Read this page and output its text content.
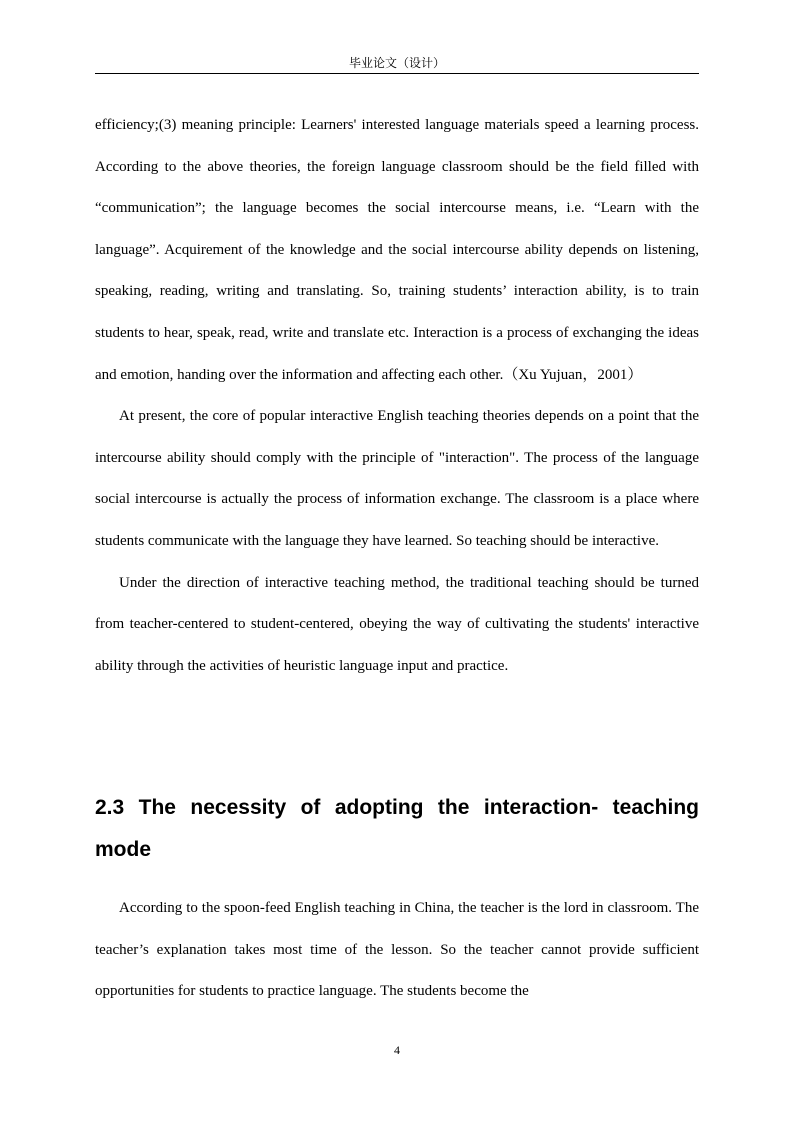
毕业论文（设计）

efficiency;(3) meaning principle: Learners' interested language materials speed a learning process. According to the above theories, the foreign language classroom should be the field filled with “communication”; the language becomes the social intercourse means, i.e. “Learn with the language”. Acquirement of the knowledge and the social intercourse ability depends on listening, speaking, reading, writing and translating. So, training students’ interaction ability, is to train students to hear, speak, read, write and translate etc. Interaction is a process of exchanging the ideas and emotion, handing over the information and affecting each other.（Xu Yujuan，2001）

At present, the core of popular interactive English teaching theories depends on a point that the intercourse ability should comply with the principle of "interaction". The process of the language social intercourse is actually the process of information exchange. The classroom is a place where students communicate with the language they have learned. So teaching should be interactive.

Under the direction of interactive teaching method, the traditional teaching should be turned from teacher-centered to student-centered, obeying the way of cultivating the students' interactive ability through the activities of heuristic language input and practice.

2.3 The necessity of adopting the interaction- teaching mode

According to the spoon-feed English teaching in China, the teacher is the lord in classroom. The teacher’s explanation takes most time of the lesson. So the teacher cannot provide sufficient opportunities for students to practice language. The students become the

4
